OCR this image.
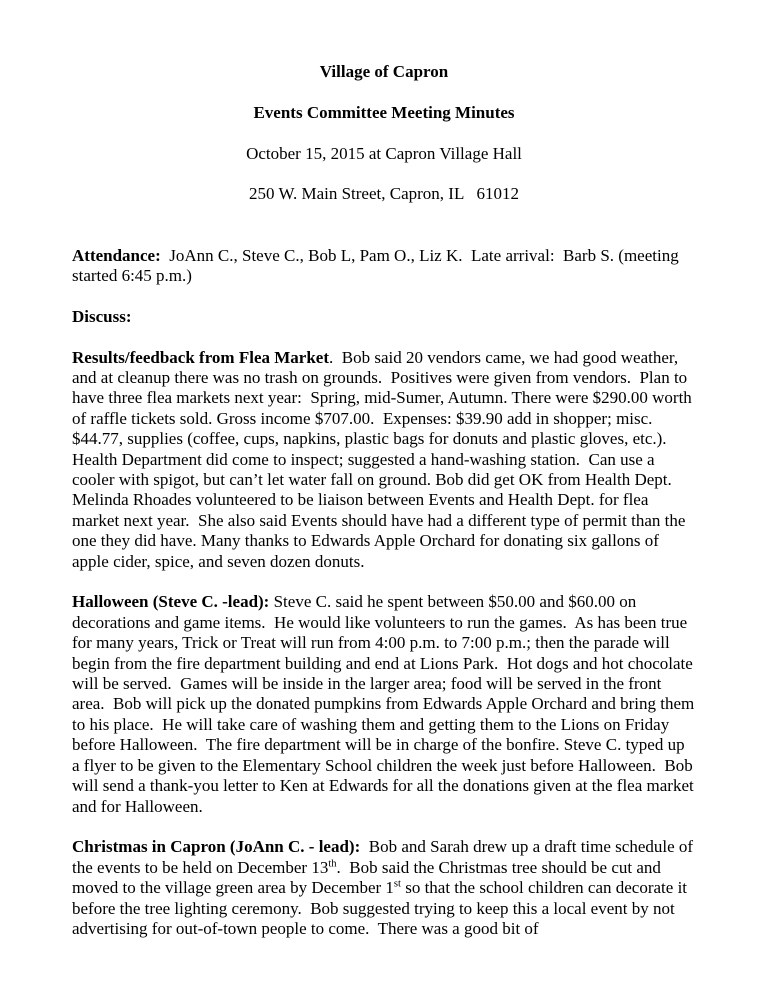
Village of Capron

Events Committee Meeting Minutes

October 15, 2015 at Capron Village Hall

250 W. Main Street, Capron, IL   61012

Attendance:  JoAnn C., Steve C., Bob L, Pam O., Liz K.  Late arrival:  Barb S. (meeting started 6:45 p.m.)

Discuss:

Results/feedback from Flea Market.  Bob said 20 vendors came, we had good weather, and at cleanup there was no trash on grounds.  Positives were given from vendors.  Plan to have three flea markets next year:  Spring, mid-Sumer, Autumn. There were $290.00 worth of raffle tickets sold. Gross income $707.00.  Expenses: $39.90 add in shopper; misc. $44.77, supplies (coffee, cups, napkins, plastic bags for donuts and plastic gloves, etc.).  Health Department did come to inspect; suggested a hand-washing station.  Can use a cooler with spigot, but can’t let water fall on ground. Bob did get OK from Health Dept.  Melinda Rhoades volunteered to be liaison between Events and Health Dept. for flea market next year.  She also said Events should have had a different type of permit than the one they did have. Many thanks to Edwards Apple Orchard for donating six gallons of apple cider, spice, and seven dozen donuts.

Halloween (Steve C. -lead): Steve C. said he spent between $50.00 and $60.00 on decorations and game items.  He would like volunteers to run the games.  As has been true for many years, Trick or Treat will run from 4:00 p.m. to 7:00 p.m.; then the parade will begin from the fire department building and end at Lions Park.  Hot dogs and hot chocolate will be served.  Games will be inside in the larger area; food will be served in the front area.  Bob will pick up the donated pumpkins from Edwards Apple Orchard and bring them to his place.  He will take care of washing them and getting them to the Lions on Friday before Halloween.  The fire department will be in charge of the bonfire. Steve C. typed up a flyer to be given to the Elementary School children the week just before Halloween.  Bob will send a thank-you letter to Ken at Edwards for all the donations given at the flea market and for Halloween.

Christmas in Capron (JoAnn C. - lead):  Bob and Sarah drew up a draft time schedule of the events to be held on December 13th.  Bob said the Christmas tree should be cut and moved to the village green area by December 1st so that the school children can decorate it before the tree lighting ceremony.  Bob suggested trying to keep this a local event by not advertising for out-of-town people to come.  There was a good bit of
